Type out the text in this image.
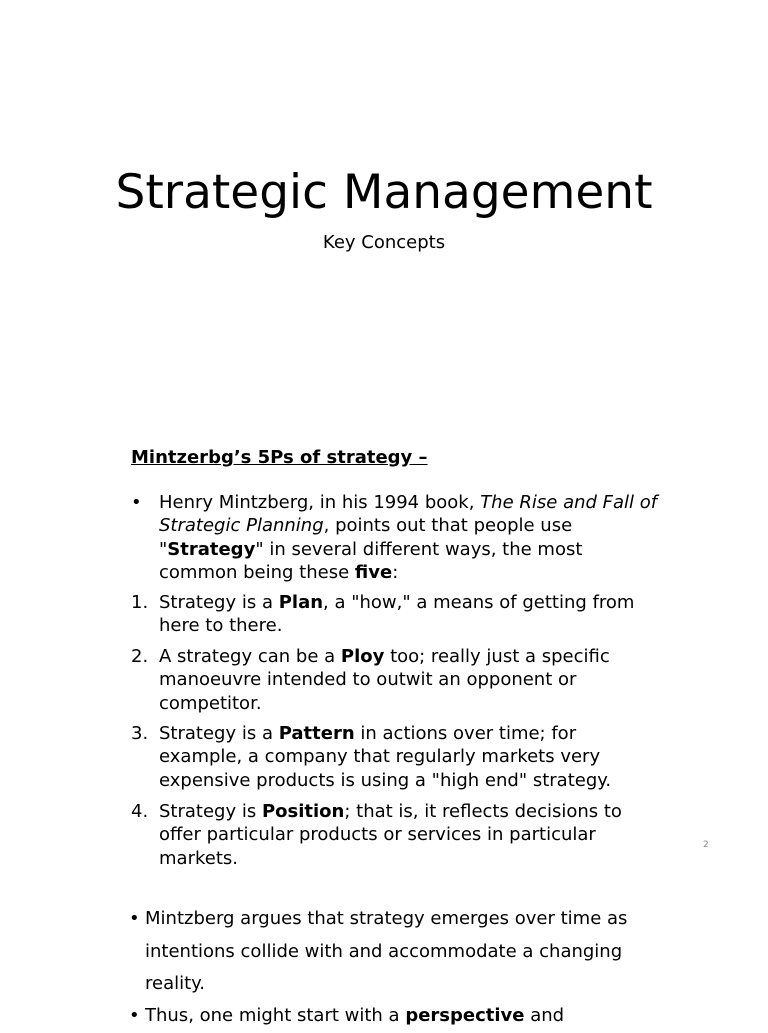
Strategic Management
Key Concepts
Mintzerbg’s 5Ps of strategy –
• Henry Mintzberg, in his 1994 book, The Rise and Fall of Strategic Planning, points out that people use "Strategy" in several different ways, the most common being these five:
1. Strategy is a Plan, a "how," a means of getting from here to there.
2. A strategy can be a Ploy too; really just a specific manoeuvre intended to outwit an opponent or competitor.
3. Strategy is a Pattern in actions over time; for example, a company that regularly markets very expensive products is using a "high end" strategy.
4. Strategy is Position; that is, it reflects decisions to offer particular products or services in particular markets.
2
• Mintzberg argues that strategy emerges over time as intentions collide with and accommodate a changing reality.
• Thus, one might start with a perspective and
